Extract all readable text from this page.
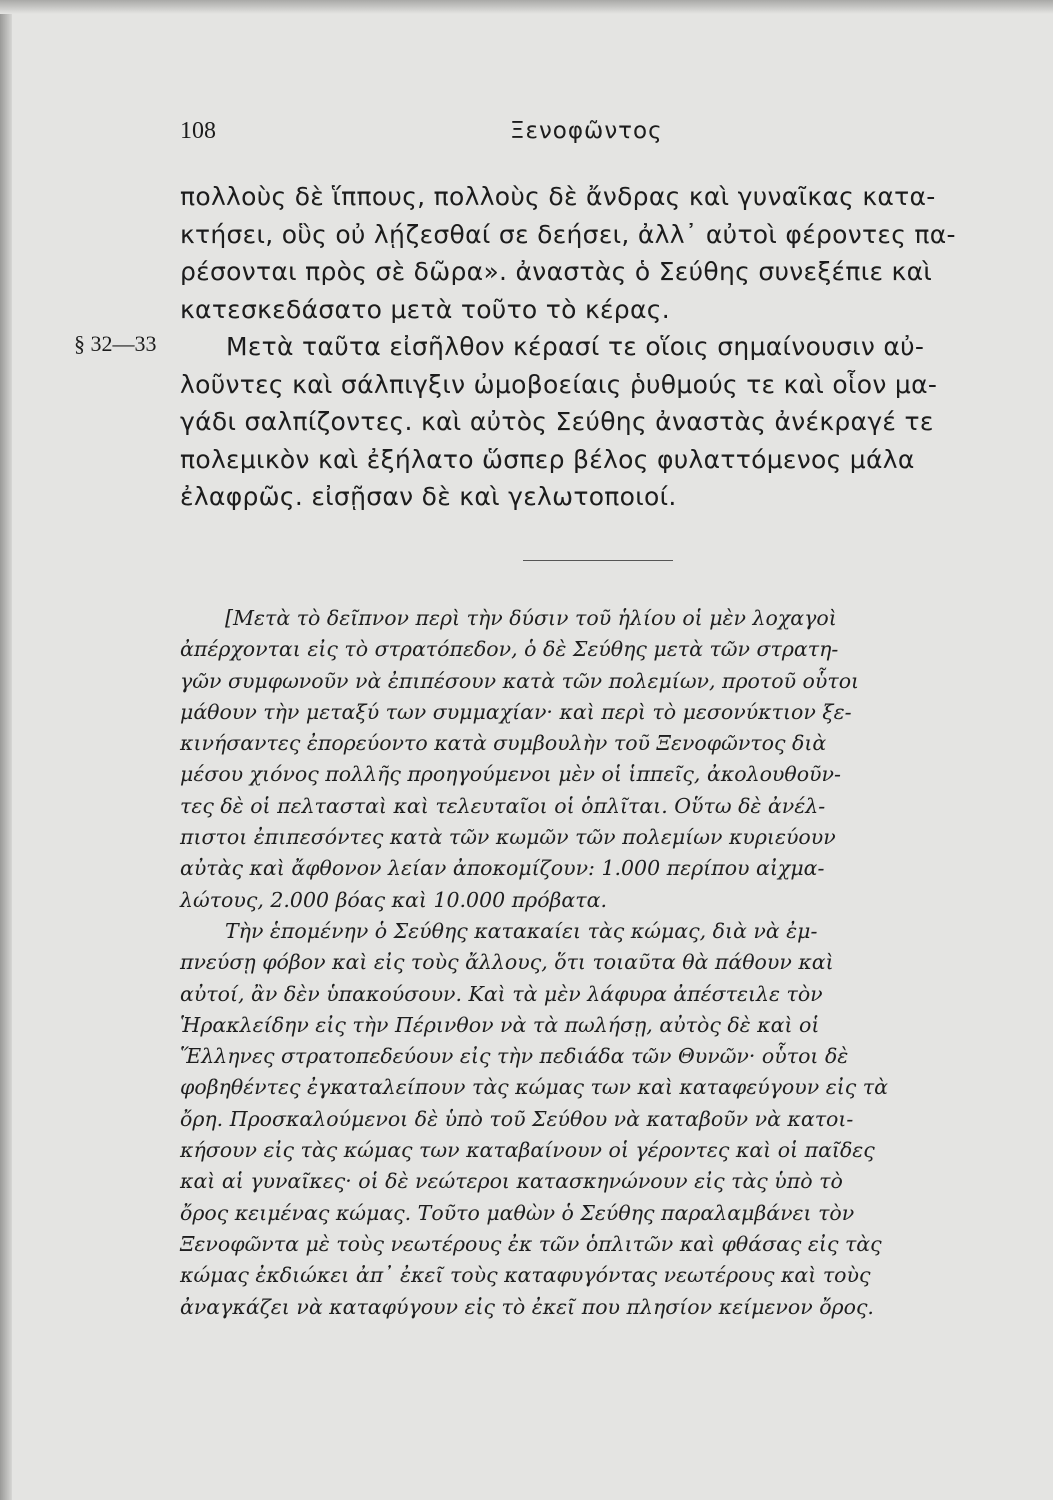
108	Ξενοφῶντος
§ 32—33
πολλοὺς δὲ ἵππους, πολλοὺς δὲ ἄνδρας καὶ γυναῖκας κατα-
κτήσει, οὓς οὐ λῄζεσθαί σε δεήσει, ἀλλ᾽ αὐτοὶ φέροντες πα-
ρέσονται πρὸς σὲ δῶρα». ἀναστὰς ὁ Σεύθης συνεξέπιε καὶ
κατεσκεδάσατο μετὰ τοῦτο τὸ κέρας.
Μετὰ ταῦτα εἰσῆλθον κέρασί τε οἵοις σημαίνουσιν αὐ-
λοῦντες καὶ σάλπιγξιν ὠμοβοείαις ῥυθμούς τε καὶ οἷον μα-
γάδι σαλπίζοντες. καὶ αὐτὸς Σεύθης ἀναστὰς ἀνέκραγέ τε
πολεμικὸν καὶ ἐξήλατο ὥσπερ βέλος φυλαττόμενος μάλα
ἐλαφρῶς. εἰσῇσαν δὲ καὶ γελωτοποιοί.
[Μετὰ τὸ δεῖπνον περὶ τὴν δύσιν τοῦ ἡλίου οἱ μὲν λοχαγοὶ
ἀπέρχονται εἰς τὸ στρατόπεδον, ὁ δὲ Σεύθης μετὰ τῶν στρατη-
γῶν συμφωνοῦν νὰ ἐπιπέσουν κατὰ τῶν πολεμίων, προτοῦ οὗτοι
μάθουν τὴν μεταξύ των συμμαχίαν· καὶ περὶ τὸ μεσονύκτιον ξε-
κινήσαντες ἐπορεύοντο κατὰ συμβουλὴν τοῦ Ξενοφῶντος διὰ
μέσου χιόνος πολλῆς προηγούμενοι μὲν οἱ ἱππεῖς, ἀκολουθοῦν-
τες δὲ οἱ πελτασταὶ καὶ τελευταῖοι οἱ ὁπλῖται. Οὕτω δὲ ἀνέλ-
πιστοι ἐπιπεσόντες κατὰ τῶν κωμῶν τῶν πολεμίων κυριεύουν
αὐτὰς καὶ ἄφθονον λείαν ἀποκομίζουν: 1.000 περίπου αἰχμα-
λώτους, 2.000 βόας καὶ 10.000 πρόβατα.
Τὴν ἑπομένην ὁ Σεύθης κατακαίει τὰς κώμας, διὰ νὰ ἐμ-
πνεύσῃ φόβον καὶ εἰς τοὺς ἄλλους, ὅτι τοιαῦτα θὰ πάθουν καὶ
αὐτοί, ἂν δὲν ὑπακούσουν. Καὶ τὰ μὲν λάφυρα ἀπέστειλε τὸν
Ἡρακλείδην εἰς τὴν Πέρινθον νὰ τὰ πωλήσῃ, αὐτὸς δὲ καὶ οἱ
Ἕλληνες στρατοπεδεύουν εἰς τὴν πεδιάδα τῶν Θυνῶν· οὗτοι δὲ
φοβηθέντες ἐγκαταλείπουν τὰς κώμας των καὶ καταφεύγουν εἰς τὰ
ὄρη. Προσκαλούμενοι δὲ ὑπὸ τοῦ Σεύθου νὰ καταβοῦν νὰ κατοι-
κήσουν εἰς τὰς κώμας των καταβαίνουν οἱ γέροντες καὶ οἱ παῖδες
καὶ αἱ γυναῖκες· οἱ δὲ νεώτεροι κατασκηνώνουν εἰς τὰς ὑπὸ τὸ
ὄρος κειμένας κώμας. Τοῦτο μαθὼν ὁ Σεύθης παραλαμβάνει τὸν
Ξενοφῶντα μὲ τοὺς νεωτέρους ἐκ τῶν ὁπλιτῶν καὶ φθάσας εἰς τὰς
κώμας ἐκδιώκει ἀπ᾽ ἐκεῖ τοὺς καταφυγόντας νεωτέρους καὶ τοὺς
ἀναγκάζει νὰ καταφύγουν εἰς τὸ ἐκεῖ που πλησίον κείμενον ὄρος.
